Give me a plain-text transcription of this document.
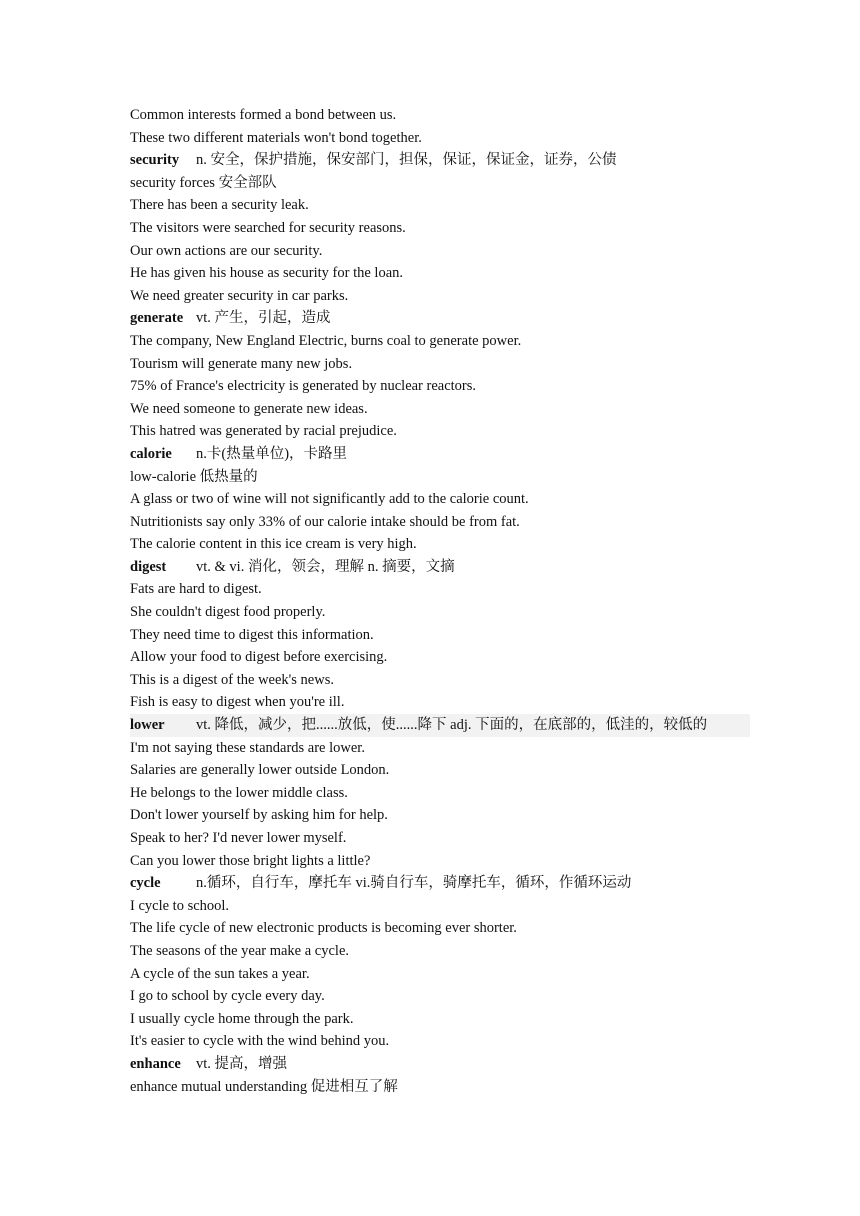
Common interests formed a bond between us.
These two different materials won't bond together.
security n. 安全，保护措施，保安部门，担保，保证，保证金，证券，公债
security forces 安全部队
There has been a security leak.
The visitors were searched for security reasons.
Our own actions are our security.
He has given his house as security for the loan.
We need greater security in car parks.
generate vt. 产生，引起，造成
The company, New England Electric, burns coal to generate power.
Tourism will generate many new jobs.
75% of France's electricity is generated by nuclear reactors.
We need someone to generate new ideas.
This hatred was generated by racial prejudice.
calorie n.卡(热量单位)，卡路里
low-calorie 低热量的
A glass or two of wine will not significantly add to the calorie count.
Nutritionists say only 33% of our calorie intake should be from fat.
The calorie content in this ice cream is very high.
digest vt. & vi. 消化，领会，理解 n. 摘要，文摘
Fats are hard to digest.
She couldn't digest food properly.
They need time to digest this information.
Allow your food to digest before exercising.
This is a digest of the week's news.
Fish is easy to digest when you're ill.
lower vt. 降低，减少，把......放低，使......降下 adj. 下面的，在底部的，低洼的，较低的
I'm not saying these standards are lower.
Salaries are generally lower outside London.
He belongs to the lower middle class.
Don't lower yourself by asking him for help.
Speak to her? I'd never lower myself.
Can you lower those bright lights a little?
cycle n.循环，自行车，摩托车 vi.骑自行车，骑摩托车，循环，作循环运动
I cycle to school.
The life cycle of new electronic products is becoming ever shorter.
The seasons of the year make a cycle.
A cycle of the sun takes a year.
I go to school by cycle every day.
I usually cycle home through the park.
It's easier to cycle with the wind behind you.
enhance vt. 提高，增强
enhance mutual understanding 促进相互了解
